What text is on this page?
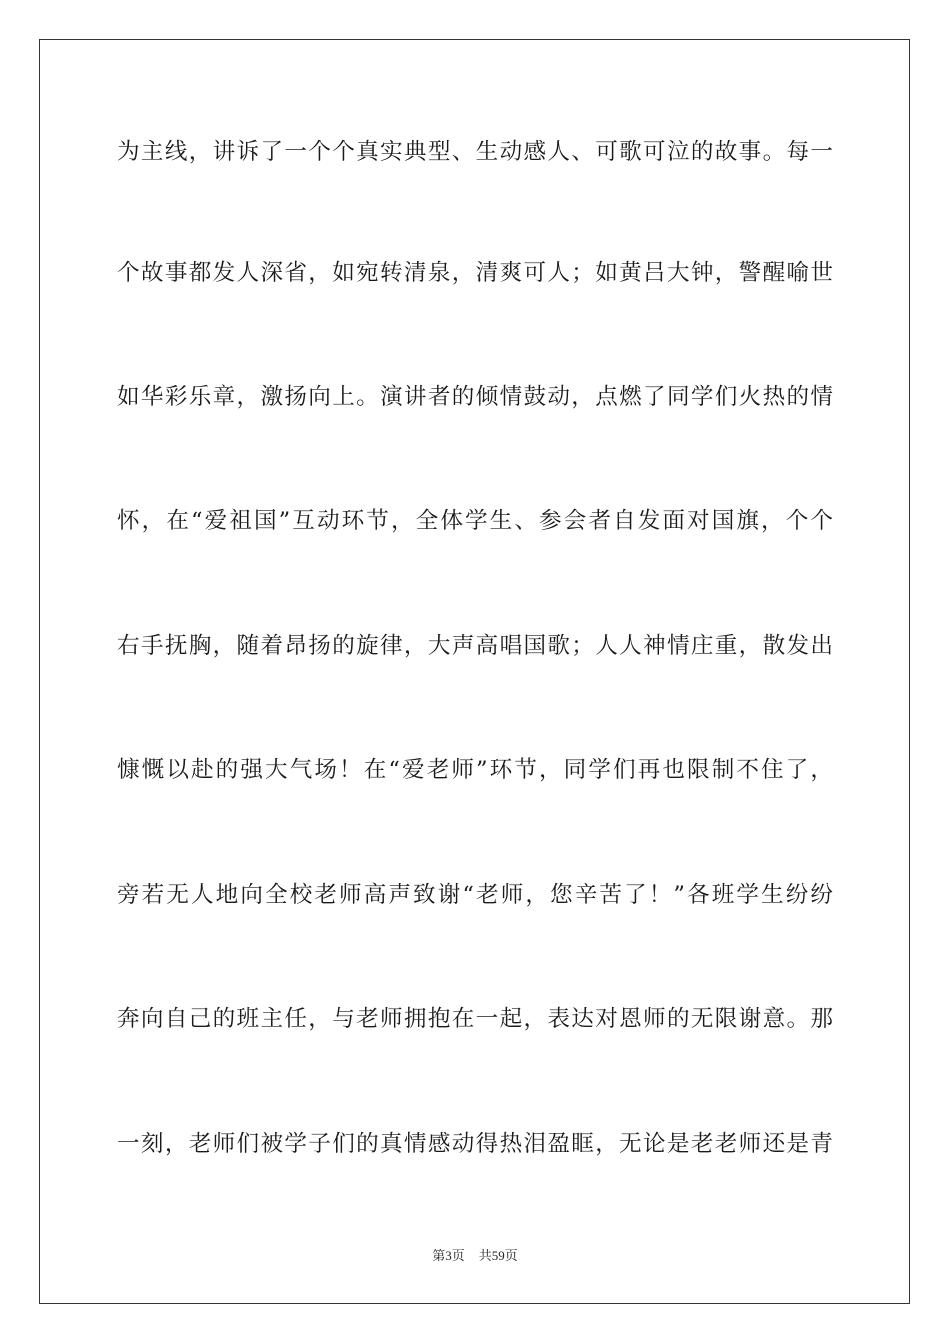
为主线，讲诉了一个个真实典型、生动感人、可歌可泣的故事。每一
个故事都发人深省，如宛转清泉，清爽可人；如黄吕大钟，警醒喻世
如华彩乐章，激扬向上。演讲者的倾情鼓动，点燃了同学们火热的情
怀，在“爱祖国”互动环节，全体学生、参会者自发面对国旗，个个
右手抚胸，随着昂扬的旋律，大声高唱国歌；人人神情庄重，散发出
慷慨以赴的强大气场！在“爱老师”环节，同学们再也限制不住了，
旁若无人地向全校老师高声致谢“老师，您辛苦了！”各班学生纷纷
奔向自己的班主任，与老师拥抱在一起，表达对恩师的无限谢意。那
一刻，老师们被学子们的真情感动得热泪盈眶，无论是老老师还是青
第3页 共59页
